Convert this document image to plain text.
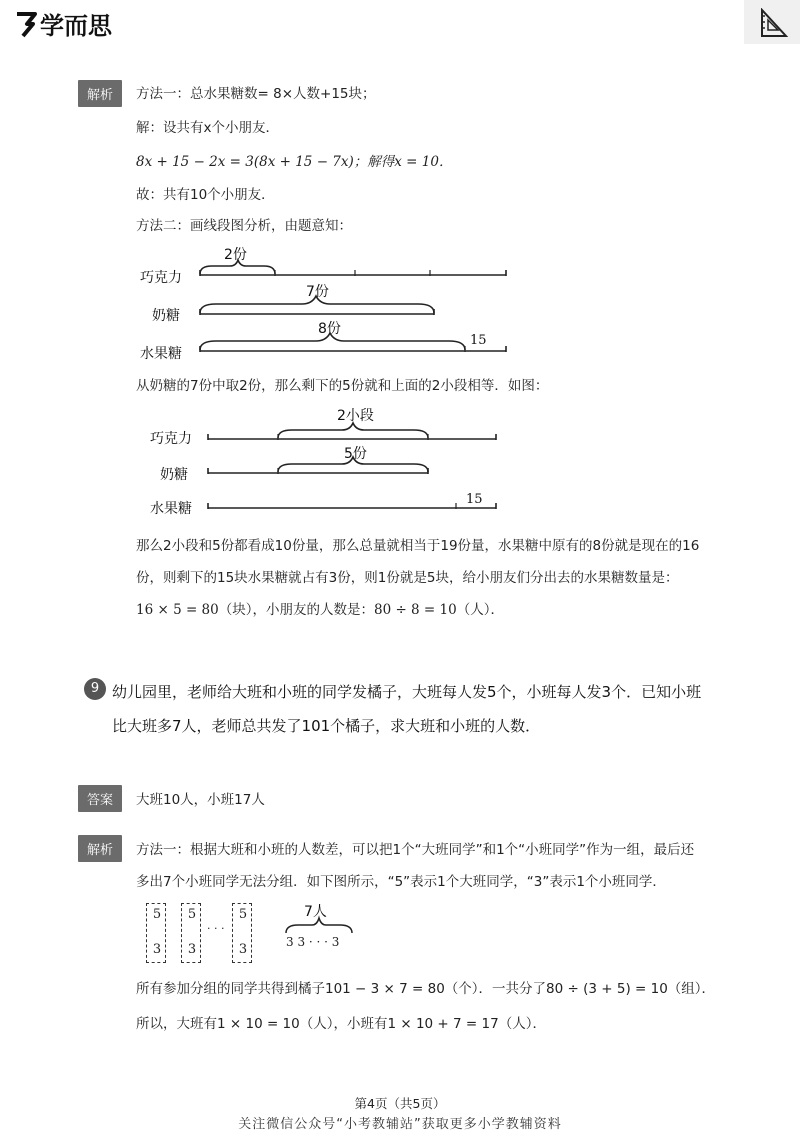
学而思
解析	方法一：总水果糖数= 8×人数+15块；
解：设共有x个小朋友．
8x + 15 − 2x = 3(8x + 15 − 7x)；解得x = 10．
故：共有10个小朋友．
方法二：画线段图分析，由题意知：
巧克力
奶糖
水果糖
2份
7份
8份
15
从奶糖的7份中取2份，那么剩下的5份就和上面的2小段相等．如图：
巧克力
奶糖
水果糖
2小段
5份
15
那么2小段和5份都看成10份量，那么总量就相当于19份量，水果糖中原有的8份就是现在的16
份，则剩下的15块水果糖就占有3份，则1份就是5块，给小朋友们分出去的水果糖数量是：
16 × 5 = 80（块），小朋友的人数是：80 ÷ 8 = 10（人）．
9 幼儿园里，老师给大班和小班的同学发橘子，大班每人发5个，小班每人发3个．已知小班
比大班多7人，老师总共发了101个橘子，求大班和小班的人数．
答案	大班10人，小班17人
解析	方法一：根据大班和小班的人数差，可以把1个“大班同学”和1个“小班同学”作为一组，最后还
多出7个小班同学无法分组．如下图所示，“5”表示1个大班同学，“3”表示1个小班同学．
5
3
5
3
· · ·
5
3
7人
3 3 · · · 3
所有参加分组的同学共得到橘子101 − 3 × 7 = 80（个）．一共分了80 ÷ (3 + 5) = 10（组）．
所以，大班有1 × 10 = 10（人），小班有1 × 10 + 7 = 17（人）．
第4页（共5页）
关注微信公众号“小考教辅站”获取更多小学教辅资料
